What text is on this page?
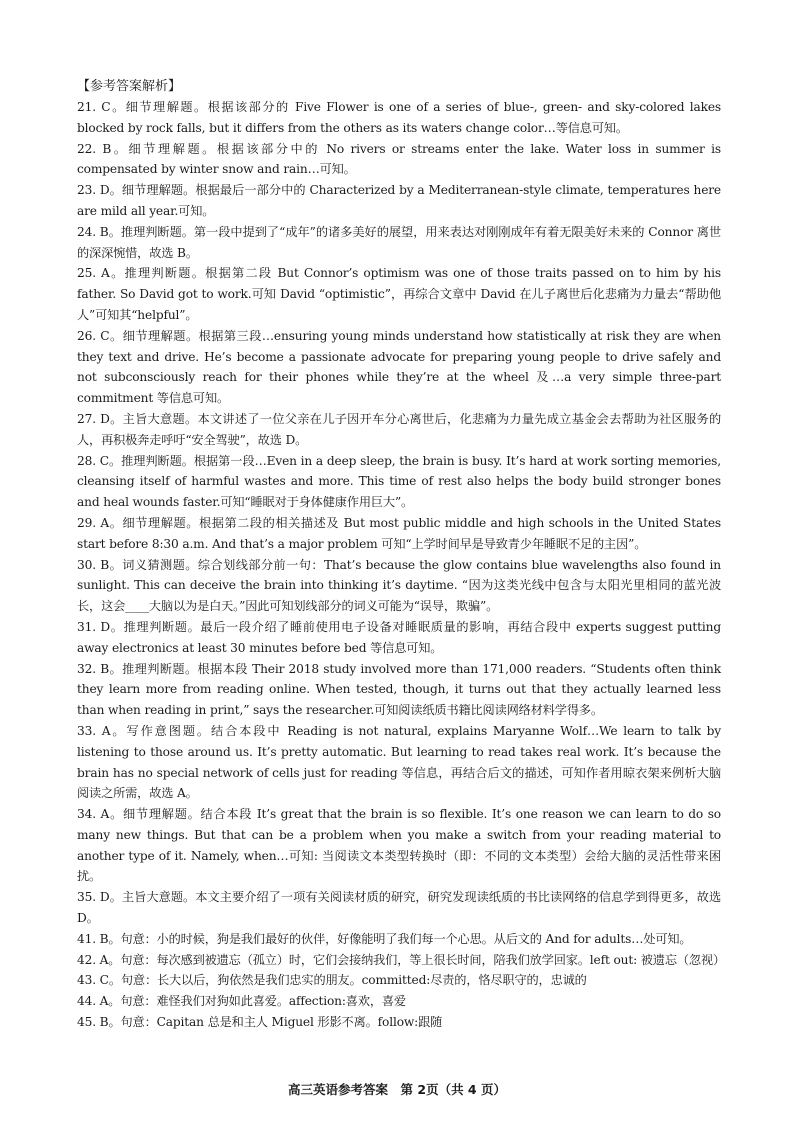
【参考答案解析】

21. C。细节理解题。根据该部分的 Five Flower is one of a series of blue-, green- and sky-colored lakes blocked by rock falls, but it differs from the others as its waters change color…等信息可知。

22. B。细节理解题。根据该部分中的 No rivers or streams enter the lake. Water loss in summer is compensated by winter snow and rain…可知。

23. D。细节理解题。根据最后一部分中的 Characterized by a Mediterranean-style climate, temperatures here are mild all year.可知。

24. B。推理判断题。第一段中提到了“成年”的诸多美好的展望，用来表达对刚刚成年有着无限美好未来的 Connor 离世的深深惋惜，故选 B。

25. A。推理判断题。根据第二段 But Connor’s optimism was one of those traits passed on to him by his father. So David got to work.可知 David “optimistic”，再综合文章中 David 在儿子离世后化悲痛为力量去“帮助他人”可知其“helpful”。

26. C。细节理解题。根据第三段…ensuring young minds understand how statistically at risk they are when they text and drive. He’s become a passionate advocate for preparing young people to drive safely and not subconsciously reach for their phones while they’re at the wheel 及…a very simple three-part commitment 等信息可知。

27. D。主旨大意题。本文讲述了一位父亲在儿子因开车分心离世后，化悲痛为力量先成立基金会去帮助为社区服务的人，再积极奔走呼吁“安全驾驶”，故选 D。

28. C。推理判断题。根据第一段…Even in a deep sleep, the brain is busy. It’s hard at work sorting memories, cleansing itself of harmful wastes and more. This time of rest also helps the body build stronger bones and heal wounds faster.可知“睡眠对于身体健康作用巨大”。

29. A。细节理解题。根据第二段的相关描述及 But most public middle and high schools in the United States start before 8:30 a.m. And that’s a major problem 可知“上学时间早是导致青少年睡眠不足的主因”。

30. B。词义猜测题。综合划线部分前一句：That’s because the glow contains blue wavelengths also found in sunlight. This can deceive the brain into thinking it’s daytime. “因为这类光线中包含与太阳光里相同的蓝光波长，这会____大脑以为是白天。”因此可知划线部分的词义可能为“误导，欺骗”。

31. D。推理判断题。最后一段介绍了睡前使用电子设备对睡眠质量的影响，再结合段中 experts suggest putting away electronics at least 30 minutes before bed 等信息可知。

32. B。推理判断题。根据本段 Their 2018 study involved more than 171,000 readers. “Students often think they learn more from reading online. When tested, though, it turns out that they actually learned less than when reading in print,” says the researcher.可知阅读纸质书籍比阅读网络材料学得多。

33. A。写作意图题。结合本段中 Reading is not natural, explains Maryanne Wolf…We learn to talk by listening to those around us. It’s pretty automatic. But learning to read takes real work. It’s because the brain has no special network of cells just for reading 等信息，再结合后文的描述，可知作者用晾衣架来例析大脑阅读之所需，故选 A。

34. A。细节理解题。结合本段 It’s great that the brain is so flexible. It’s one reason we can learn to do so many new things. But that can be a problem when you make a switch from your reading material to another type of it. Namely, when…可知: 当阅读文本类型转换时（即：不同的文本类型）会给大脑的灵活性带来困扰。

35. D。主旨大意题。本文主要介绍了一项有关阅读材质的研究，研究发现读纸质的书比读网络的信息学到得更多，故选 D。

41. B。句意：小的时候，狗是我们最好的伙伴，好像能明了我们每一个心思。从后文的 And for adults…处可知。

42. A。句意：每次感到被遗忘（孤立）时，它们会接纳我们，等上很长时间，陪我们放学回家。left out: 被遗忘（忽视）

43. C。句意：长大以后，狗依然是我们忠实的朋友。committed:尽责的，恪尽职守的，忠诚的

44. A。句意：难怪我们对狗如此喜爱。affection:喜欢，喜爱

45. B。句意：Capitan 总是和主人 Miguel 形影不离。follow:跟随

高三英语参考答案　第 2页（共 4 页）
